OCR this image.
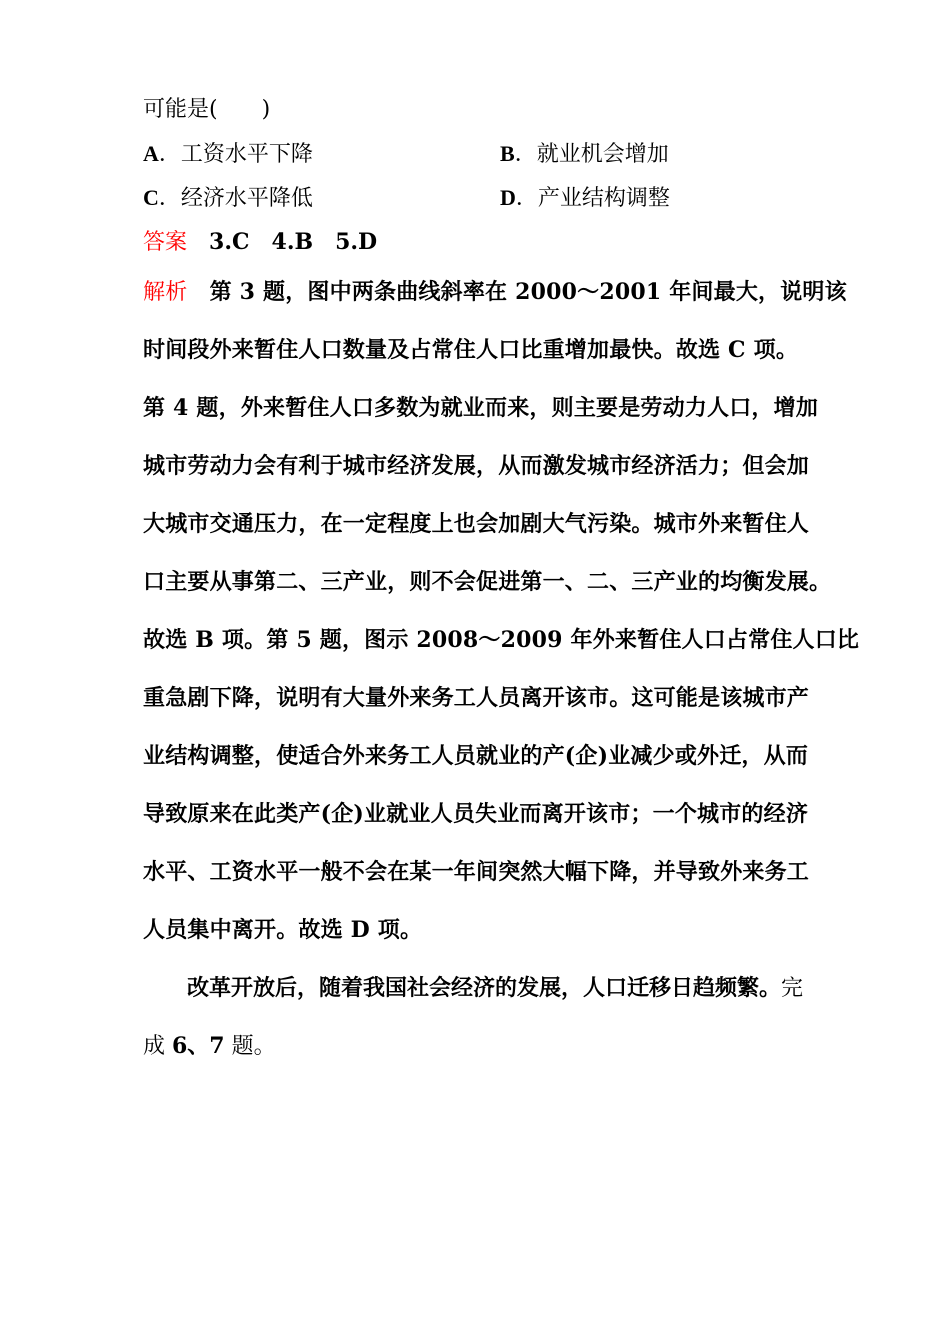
可能是(　　)
A．工资水平下降	B．就业机会增加
C．经济水平降低	D．产业结构调整
答案　 3.C　4.B　5.D
解析　 第 3 题，图中两条曲线斜率在 2000～2001 年间最大，说明该
时间段外来暂住人口数量及占常住人口比重增加最快。故选 C 项。
第 4 题，外来暂住人口多数为就业而来，则主要是劳动力人口，增加
城市劳动力会有利于城市经济发展，从而激发城市经济活力；但会加
大城市交通压力，在一定程度上也会加剧大气污染。城市外来暂住人
口主要从事第二、三产业，则不会促进第一、二、三产业的均衡发展。
故选 B 项。第 5 题，图示 2008～2009 年外来暂住人口占常住人口比
重急剧下降，说明有大量外来务工人员离开该市。这可能是该城市产
业结构调整，使适合外来务工人员就业的产(企)业减少或外迁，从而
导致原来在此类产(企)业就业人员失业而离开该市；一个城市的经济
水平、工资水平一般不会在某一年间突然大幅下降，并导致外来务工
人员集中离开。故选 D 项。
改革开放后，随着我国社会经济的发展，人口迁移日趋频繁。完
成 6、7 题。
